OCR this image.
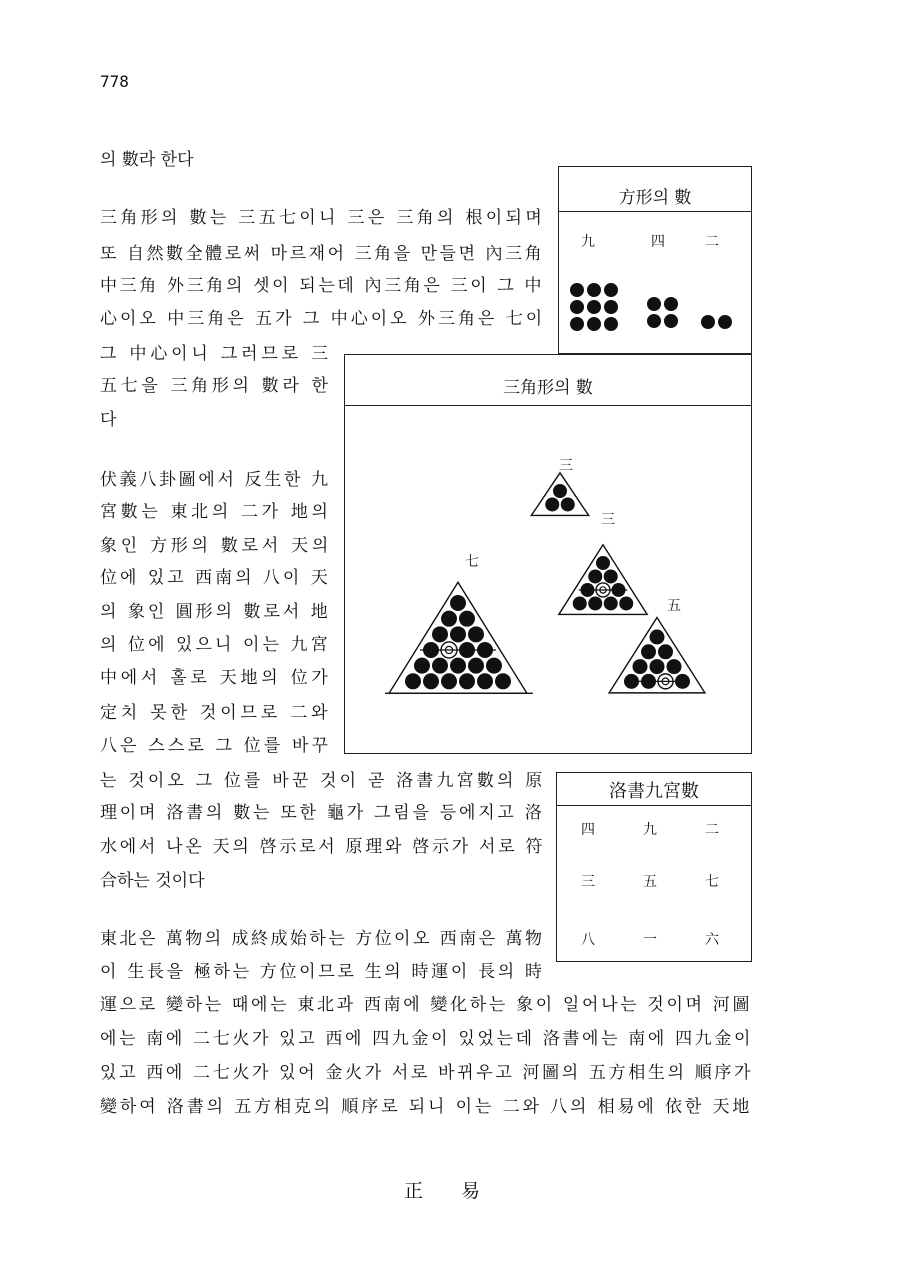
778
의 數라 한다
三角形의 數는 三五七이니 三은 三角의 根이되며
또 自然數全體로써 마르재어 三角을 만들면 內三角
中三角 外三角의 셋이 되는데 內三角은 三이 그 中
心이오 中三角은 五가 그 中心이오 外三角은 七이
그 中心이니 그러므로 三
五七을 三角形의 數라 한
다
伏義八卦圖에서 反生한 九
宮數는 東北의 二가 地의
象인 方形의 數로서 天의
位에 있고 西南의 八이 天
의 象인 圓形의 數로서 地
의 位에 있으니 이는 九宮
中에서 홀로 天地의 位가
定치 못한 것이므로 二와
八은 스스로 그 位를 바꾸
는 것이오 그 位를 바꾼 것이 곧 洛書九宮數의 原
理이며 洛書의 數는 또한 龜가 그림을 등에지고 洛
水에서 나온 天의 啓示로서 原理와 啓示가 서로 符
合하는 것이다
東北은 萬物의 成終成始하는 方位이오 西南은 萬物
이 生長을 極하는 方位이므로 生의 時運이 長의 時
運으로 變하는 때에는 東北과 西南에 變化하는 象이 일어나는 것이며 河圖
에는 南에 二七火가 있고 西에 四九金이 있었는데 洛書에는 南에 四九金이
있고 西에 二七火가 있어 金火가 서로 바뀌우고 河圖의 五方相生의 順序가
變하여 洛書의 五方相克의 順序로 되니 이는 二와 八의 相易에 依한 天地
方形의 數
九	四	二
三角形의 數
三
三
五
七
洛書九宮數
四	九	二
三	五	七
八	一	六
正 易
